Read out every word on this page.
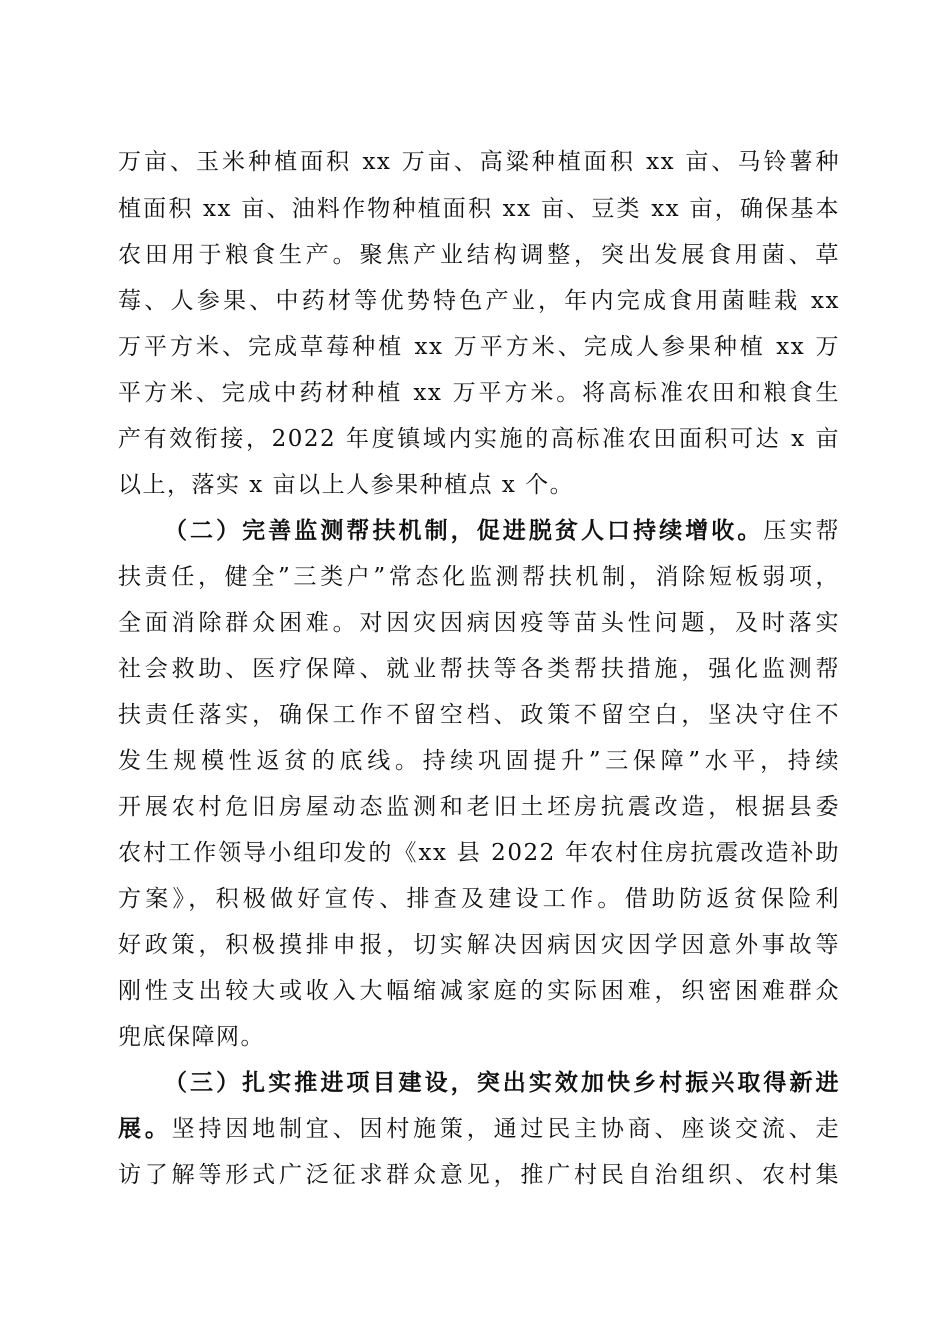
万亩、玉米种植面积 xx 万亩、高粱种植面积 xx 亩、马铃薯种
植面积 xx 亩、油料作物种植面积 xx 亩、豆类 xx 亩，确保基本
农田用于粮食生产。聚焦产业结构调整，突出发展食用菌、草
莓、人参果、中药材等优势特色产业，年内完成食用菌畦栽 xx
万平方米、完成草莓种植 xx 万平方米、完成人参果种植 xx 万
平方米、完成中药材种植 xx 万平方米。将高标准农田和粮食生
产有效衔接，2022 年度镇域内实施的高标准农田面积可达 x 亩
以上，落实 x 亩以上人参果种植点 x 个。
（二）完善监测帮扶机制，促进脱贫人口持续增收。压实帮
扶责任，健全”三类户”常态化监测帮扶机制，消除短板弱项，
全面消除群众困难。对因灾因病因疫等苗头性问题，及时落实
社会救助、医疗保障、就业帮扶等各类帮扶措施，强化监测帮
扶责任落实，确保工作不留空档、政策不留空白，坚决守住不
发生规模性返贫的底线。持续巩固提升”三保障”水平，持续
开展农村危旧房屋动态监测和老旧土坯房抗震改造，根据县委
农村工作领导小组印发的《xx 县 2022 年农村住房抗震改造补助
方案》，积极做好宣传、排查及建设工作。借助防返贫保险利
好政策，积极摸排申报，切实解决因病因灾因学因意外事故等
刚性支出较大或收入大幅缩减家庭的实际困难，织密困难群众
兜底保障网。
（三）扎实推进项目建设，突出实效加快乡村振兴取得新进
展。坚持因地制宜、因村施策，通过民主协商、座谈交流、走
访了解等形式广泛征求群众意见，推广村民自治组织、农村集
